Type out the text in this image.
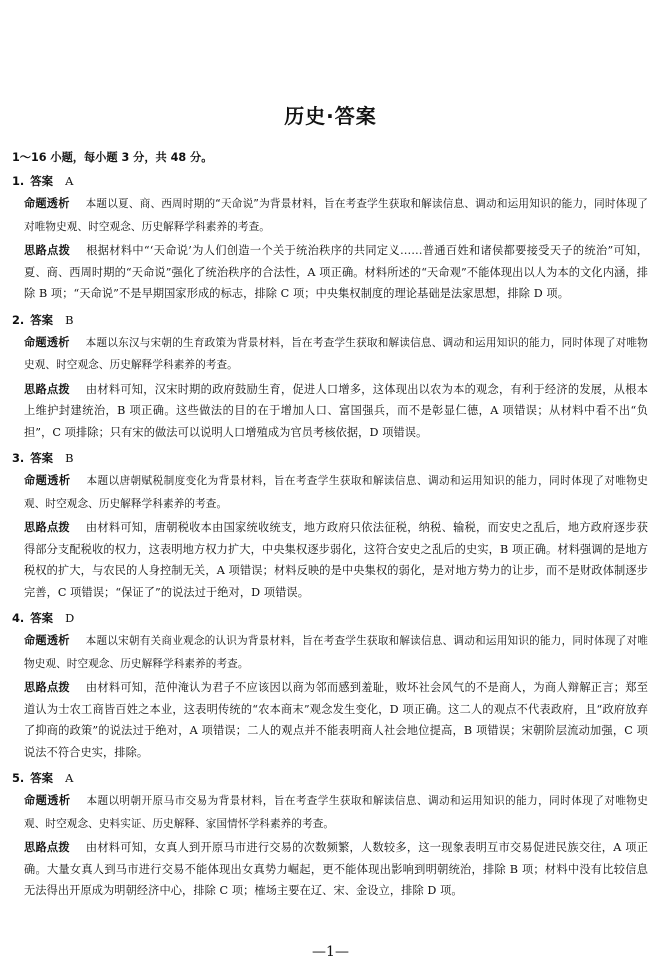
历史·答案
1～16 小题，每小题 3 分，共 48 分。
1. 答案 A

命题透析 本题以夏、商、西周时期的“天命说”为背景材料，旨在考查学生获取和解读信息、调动和运用知识的能力，同时体现了对唯物史观、时空观念、历史解释学科素养的考查。

思路点拨 根据材料中“‘天命说’为人们创造一个关于统治秩序的共同定义……普通百姓和诸侯都要接受天子的统治”可知，夏、商、西周时期的“天命说”强化了统治秩序的合法性，A 项正确。材料所述的“天命观”不能体现出以人为本的文化内涵，排除 B 项；“天命说”不是早期国家形成的标志，排除 C 项；中央集权制度的理论基础是法家思想，排除 D 项。

2. 答案 B

命题透析 本题以东汉与宋朝的生育政策为背景材料，旨在考查学生获取和解读信息、调动和运用知识的能力，同时体现了对唯物史观、时空观念、历史解释学科素养的考查。

思路点拨 由材料可知，汉宋时期的政府鼓励生育，促进人口增多，这体现出以农为本的观念，有利于经济的发展，从根本上维护封建统治，B 项正确。这些做法的目的在于增加人口、富国强兵，而不是彰显仁德，A 项错误；从材料中看不出“负担”，C 项排除；只有宋的做法可以说明人口增殖成为官员考核依据，D 项错误。

3. 答案 B

命题透析 本题以唐朝赋税制度变化为背景材料，旨在考查学生获取和解读信息、调动和运用知识的能力，同时体现了对唯物史观、时空观念、历史解释学科素养的考查。

思路点拨 由材料可知，唐朝税收本由国家统收统支，地方政府只依法征税，纳税、输税，而安史之乱后，地方政府逐步获得部分支配税收的权力，这表明地方权力扩大，中央集权逐步弱化，这符合安史之乱后的史实，B 项正确。材料强调的是地方税权的扩大，与农民的人身控制无关，A 项错误；材料反映的是中央集权的弱化，是对地方势力的让步，而不是财政体制逐步完善，C 项错误；“保证了”的说法过于绝对，D 项错误。

4. 答案 D

命题透析 本题以宋朝有关商业观念的认识为背景材料，旨在考查学生获取和解读信息、调动和运用知识的能力，同时体现了对唯物史观、时空观念、历史解释学科素养的考查。

思路点拨 由材料可知，范仲淹认为君子不应该因以商为邻而感到羞耻，败坏社会风气的不是商人，为商人辩解正言；郑至道认为士农工商皆百姓之本业，这表明传统的“农本商末”观念发生变化，D 项正确。这二人的观点不代表政府，且“政府放弃了抑商的政策”的说法过于绝对，A 项错误；二人的观点并不能表明商人社会地位提高，B 项错误；宋朝阶层流动加强，C 项说法不符合史实，排除。

5. 答案 A

命题透析 本题以明朝开原马市交易为背景材料，旨在考查学生获取和解读信息、调动和运用知识的能力，同时体现了对唯物史观、时空观念、史料实证、历史解释、家国情怀学科素养的考查。

思路点拨 由材料可知，女真人到开原马市进行交易的次数频繁，人数较多，这一现象表明互市交易促进民族交往，A 项正确。大量女真人到马市进行交易不能体现出女真势力崛起，更不能体现出影响到明朝统治，排除 B 项；材料中没有比较信息无法得出开原成为明朝经济中心，排除 C 项；榷场主要在辽、宋、金设立，排除 D 项。

—1—
